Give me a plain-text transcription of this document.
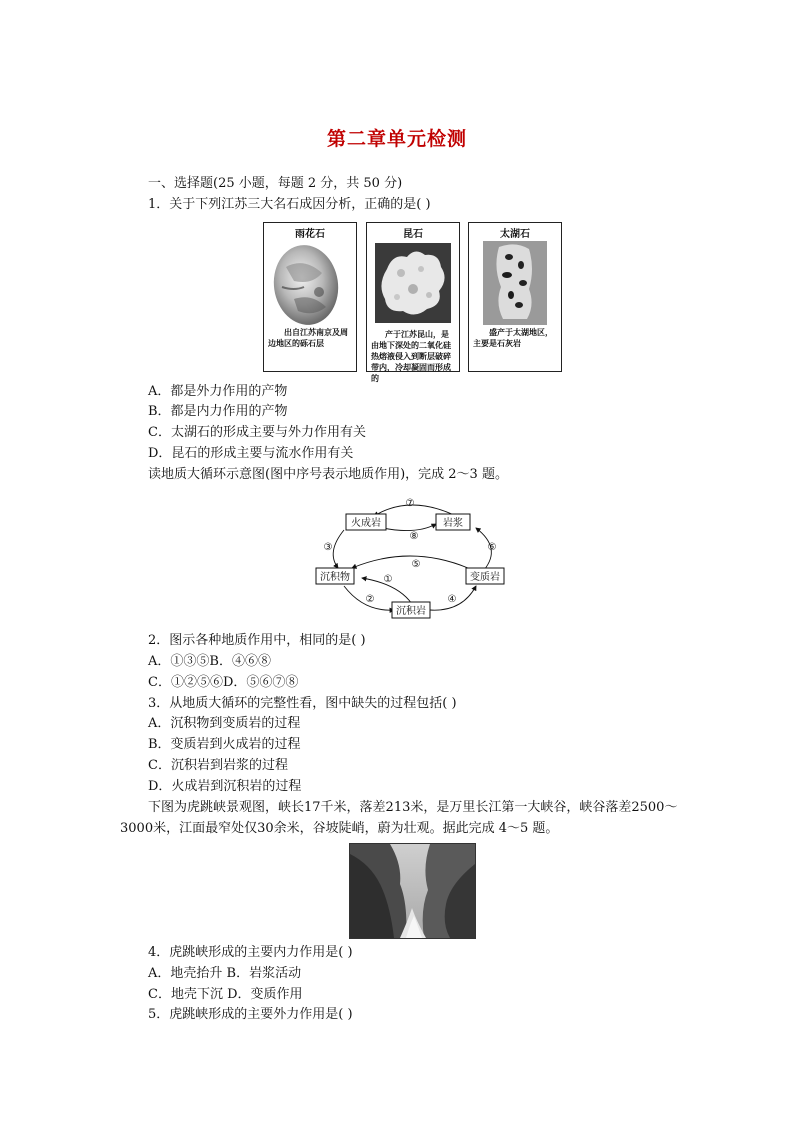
第二章单元检测
一、选择题(25 小题，每题 2 分，共 50 分)
1．关于下列江苏三大名石成因分析，正确的是( )
雨花石
出自江苏南京及周边地区的砾石层
昆石
产于江苏昆山，是由地下深处的二氧化硅热熔液侵入到断层破碎带内，冷却凝固而形成的
太湖石
盛产于太湖地区，主要是石灰岩
A．都是外力作用的产物
B．都是内力作用的产物
C．太湖石的形成主要与外力作用有关
D．昆石的形成主要与流水作用有关
读地质大循环示意图(图中序号表示地质作用)，完成 2～3 题。
火成岩	岩浆
沉积物	变质岩
沉积岩
⑦
⑧
③	⑥
⑤
①
②	④
2．图示各种地质作用中，相同的是( )
A．①③⑤B．④⑥⑧
C．①②⑤⑥D．⑤⑥⑦⑧
3．从地质大循环的完整性看，图中缺失的过程包括( )
A．沉积物到变质岩的过程
B．变质岩到火成岩的过程
C．沉积岩到岩浆的过程
D．火成岩到沉积岩的过程
下图为虎跳峡景观图，峡长17千米，落差213米，是万里长江第一大峡谷，峡谷落差2500～3000米，江面最窄处仅30余米，谷坡陡峭，蔚为壮观。据此完成 4～5 题。
4．虎跳峡形成的主要内力作用是( )
A．地壳抬升 B．岩浆活动
C．地壳下沉 D．变质作用
5．虎跳峡形成的主要外力作用是( )
